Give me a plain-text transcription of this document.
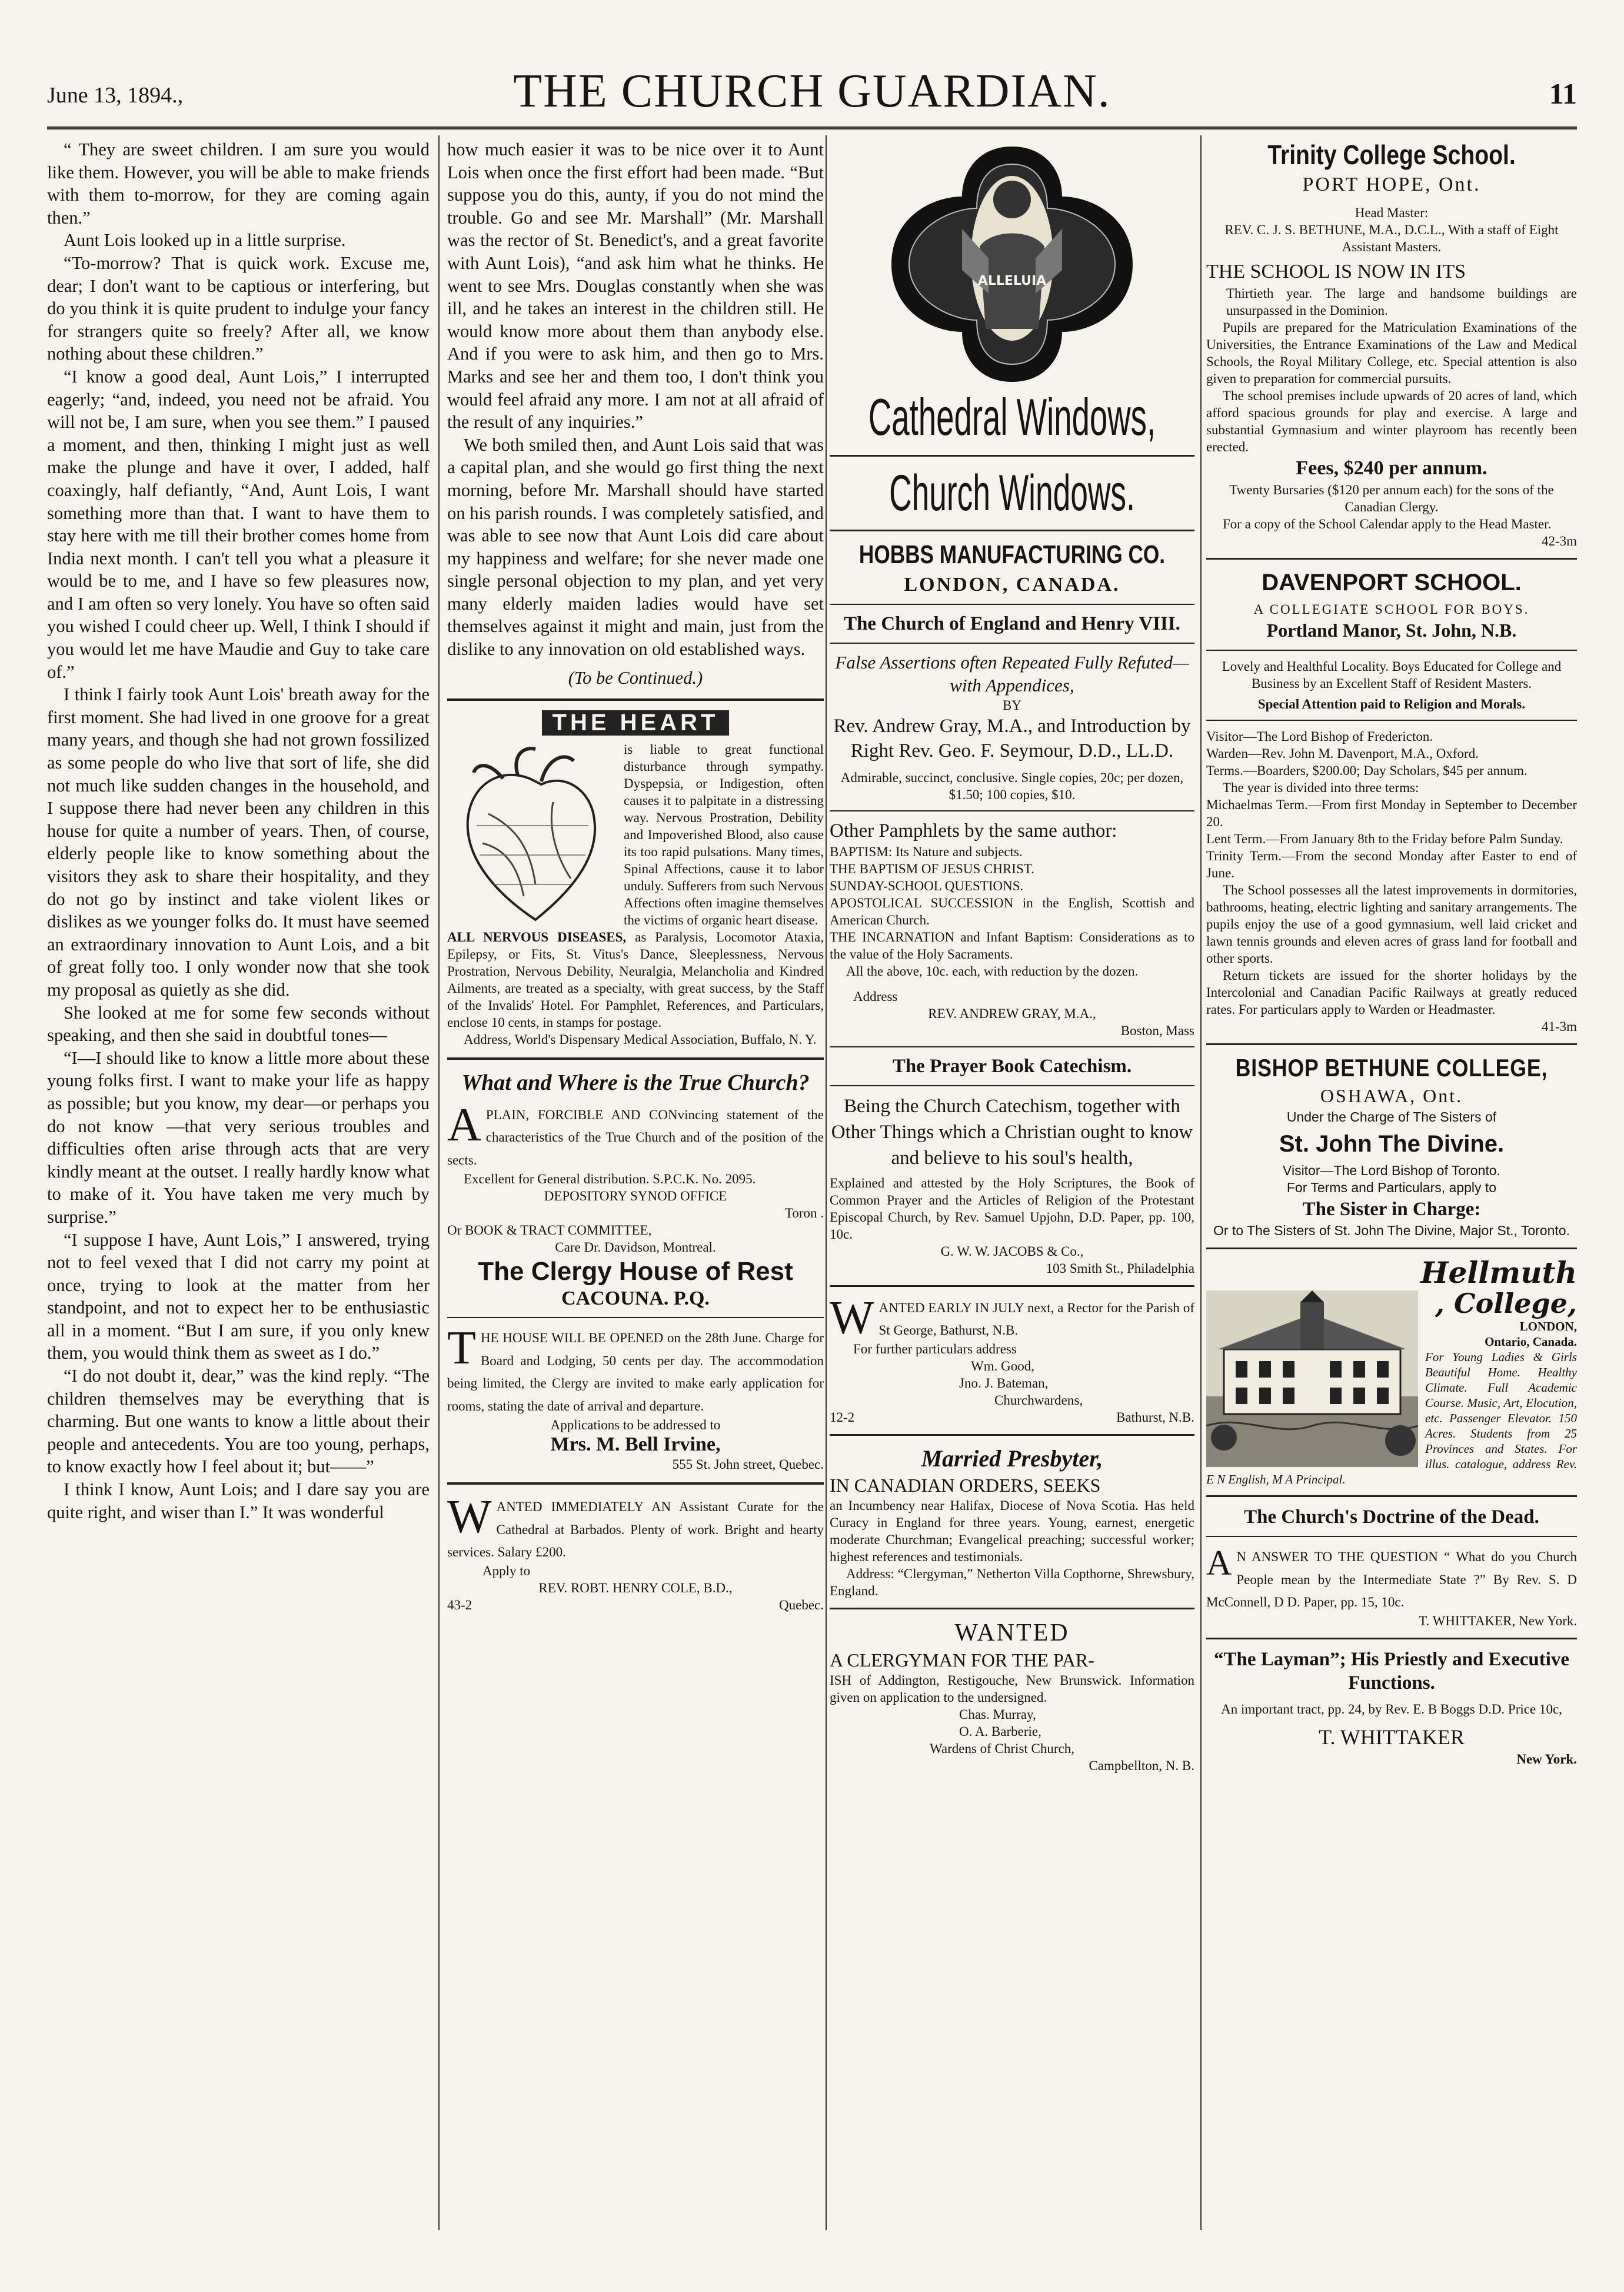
June 13, 1894.,	THE CHURCH GUARDIAN.	11

“ They are sweet children. I am sure you would like them. However, you will be able to make friends with them to-morrow, for they are coming again then.”

Aunt Lois looked up in a little surprise.

“To-morrow? That is quick work. Excuse me, dear; I don't want to be captious or interfering, but do you think it is quite prudent to indulge your fancy for strangers quite so freely? After all, we know nothing about these children.”

“I know a good deal, Aunt Lois,” I interrupted eagerly; “and, indeed, you need not be afraid. You will not be, I am sure, when you see them.” I paused a moment, and then, thinking I might just as well make the plunge and have it over, I added, half coaxingly, half defiantly, “And, Aunt Lois, I want something more than that. I want to have them to stay here with me till their brother comes home from India next month. I can't tell you what a pleasure it would be to me, and I have so few pleasures now, and I am often so very lonely. You have so often said you wished I could cheer up. Well, I think I should if you would let me have Maudie and Guy to take care of.”

I think I fairly took Aunt Lois' breath away for the first moment. She had lived in one groove for a great many years, and though she had not grown fossilized as some people do who live that sort of life, she did not much like sudden changes in the household, and I suppose there had never been any children in this house for quite a number of years. Then, of course, elderly people like to know something about the visitors they ask to share their hospitality, and they do not go by instinct and take violent likes or dislikes as we younger folks do. It must have seemed an extraordinary innovation to Aunt Lois, and a bit of great folly too. I only wonder now that she took my proposal as quietly as she did.

She looked at me for some few seconds without speaking, and then she said in doubtful tones—

“I—I should like to know a little more about these young folks first. I want to make your life as happy as possible; but you know, my dear—or perhaps you do not know —that very serious troubles and difficulties often arise through acts that are very kindly meant at the outset. I really hardly know what to make of it. You have taken me very much by surprise.”

“I suppose I have, Aunt Lois,” I answered, trying not to feel vexed that I did not carry my point at once, trying to look at the matter from her standpoint, and not to expect her to be enthusiastic all in a moment. “But I am sure, if you only knew them, you would think them as sweet as I do.”

“I do not doubt it, dear,” was the kind reply. “The children themselves may be everything that is charming. But one wants to know a little about their people and antecedents. You are too young, perhaps, to know exactly how I feel about it; but——”

I think I know, Aunt Lois; and I dare say you are quite right, and wiser than I.” It was wonderful

how much easier it was to be nice over it to Aunt Lois when once the first effort had been made. “But suppose you do this, aunty, if you do not mind the trouble. Go and see Mr. Marshall” (Mr. Marshall was the rector of St. Benedict's, and a great favorite with Aunt Lois), “and ask him what he thinks. He went to see Mrs. Douglas constantly when she was ill, and he takes an interest in the children still. He would know more about them than anybody else. And if you were to ask him, and then go to Mrs. Marks and see her and them too, I don't think you would feel afraid any more. I am not at all afraid of the result of any inquiries.”

We both smiled then, and Aunt Lois said that was a capital plan, and she would go first thing the next morning, before Mr. Marshall should have started on his parish rounds. I was completely satisfied, and was able to see now that Aunt Lois did care about my happiness and welfare; for she never made one single personal objection to my plan, and yet very many elderly maiden ladies would have set themselves against it might and main, just from the dislike to any innovation on old established ways.

(To be Continued.)
THE HEART
is liable to great functional disturbance through sympathy. Dyspepsia, or Indigestion, often causes it to palpitate in a distressing way. Nervous Prostration, Debility and Impoverished Blood, also cause its too rapid pulsations. Many times, Spinal Affections, cause it to labor unduly. Sufferers from such Nervous Affections often imagine themselves the victims of organic heart disease.
ALL NERVOUS DISEASES, as Paralysis, Locomotor Ataxia, Epilepsy, or Fits, St. Vitus's Dance, Sleeplessness, Nervous Prostration, Nervous Debility, Neuralgia, Melancholia and Kindred Ailments, are treated as a specialty, with great success, by the Staff of the Invalids' Hotel. For Pamphlet, References, and Particulars, enclose 10 cents, in stamps for postage.
Address, World's Dispensary Medical Association, Buffalo, N. Y.
What and Where is the True Church?
APLAIN, FORCIBLE AND CONvincing statement of the characteristics of the True Church and of the position of the sects.
Excellent for General distribution. S.P.C.K. No. 2095.
DEPOSITORY SYNOD OFFICE
Toron .
Or BOOK & TRACT COMMITTEE,
Care Dr. Davidson, Montreal.
The Clergy House of Rest
CACOUNA. P.Q.
THE HOUSE WILL BE OPENED on the 28th June. Charge for Board and Lodging, 50 cents per day. The accommodation being limited, the Clergy are invited to make early application for rooms, stating the date of arrival and departure.
Applications to be addressed to
Mrs. M. Bell Irvine,
555 St. John street, Quebec.
WANTED IMMEDIATELY AN Assistant Curate for the Cathedral at Barbados. Plenty of work. Bright and hearty services. Salary £200.
Apply to
REV. ROBT. HENRY COLE, B.D.,
43-2	Quebec.
ALLELUIA
Cathedral Windows,
Church Windows.
HOBBS MANUFACTURING CO.
LONDON, CANADA.
The Church of England and Henry VIII.
False Assertions often Repeated Fully Refuted—with Appendices,
BY
Rev. Andrew Gray, M.A., and Introduction by Right Rev. Geo. F. Seymour, D.D., LL.D.
Admirable, succinct, conclusive. Single copies, 20c; per dozen, $1.50; 100 copies, $10.
Other Pamphlets by the same author:
BAPTISM: Its Nature and subjects.
THE BAPTISM OF JESUS CHRIST.
SUNDAY-SCHOOL QUESTIONS.
APOSTOLICAL SUCCESSION in the English, Scottish and American Church.
THE INCARNATION and Infant Baptism: Considerations as to the value of the Holy Sacraments.
All the above, 10c. each, with reduction by the dozen.
Address
REV. ANDREW GRAY, M.A.,
Boston, Mass
The Prayer Book Catechism.
Being the Church Catechism, together with Other Things which a Christian ought to know and believe to his soul's health,
Explained and attested by the Holy Scriptures, the Book of Common Prayer and the Articles of Religion of the Protestant Episcopal Church, by Rev. Samuel Upjohn, D.D. Paper, pp. 100, 10c.
G. W. W. JACOBS & Co.,
103 Smith St., Philadelphia
WANTED EARLY IN JULY next, a Rector for the Parish of St George, Bathurst, N.B.
For further particulars address
Wm. Good,
Jno. J. Bateman,
Churchwardens,
12-2	Bathurst, N.B.
Married Presbyter,
IN CANADIAN ORDERS, SEEKS
an Incumbency near Halifax, Diocese of Nova Scotia. Has held Curacy in England for three years. Young, earnest, energetic moderate Churchman; Evangelical preaching; successful worker; highest references and testimonials.
Address: “Clergyman,” Netherton Villa Copthorne, Shrewsbury, England.
WANTED
A CLERGYMAN FOR THE PAR-
ISH of Addington, Restigouche, New Brunswick. Information given on application to the undersigned.
Chas. Murray,
O. A. Barberie,
Wardens of Christ Church,
Campbellton, N. B.
Trinity College School.
PORT HOPE, Ont.
Head Master:
REV. C. J. S. BETHUNE, M.A., D.C.L., With a staff of Eight Assistant Masters.
THE SCHOOL IS NOW IN ITS
Thirtieth year. The large and handsome buildings are unsurpassed in the Dominion.
Pupils are prepared for the Matriculation Examinations of the Universities, the Entrance Examinations of the Law and Medical Schools, the Royal Military College, etc. Special attention is also given to preparation for commercial pursuits.
The school premises include upwards of 20 acres of land, which afford spacious grounds for play and exercise. A large and substantial Gymnasium and winter playroom has recently been erected.
Fees, $240 per annum.
Twenty Bursaries ($120 per annum each) for the sons of the Canadian Clergy.
For a copy of the School Calendar apply to the Head Master.
42-3m
DAVENPORT SCHOOL.
A COLLEGIATE SCHOOL FOR BOYS.
Portland Manor, St. John, N.B.
Lovely and Healthful Locality. Boys Educated for College and Business by an Excellent Staff of Resident Masters.
Special Attention paid to Religion and Morals.
Visitor—The Lord Bishop of Fredericton.
Warden—Rev. John M. Davenport, M.A., Oxford.
Terms.—Boarders, $200.00; Day Scholars, $45 per annum.
The year is divided into three terms:
Michaelmas Term.—From first Monday in September to December 20.
Lent Term.—From January 8th to the Friday before Palm Sunday.
Trinity Term.—From the second Monday after Easter to end of June.
The School possesses all the latest improvements in dormitories, bathrooms, heating, electric lighting and sanitary arrangements. The pupils enjoy the use of a good gymnasium, well laid cricket and lawn tennis grounds and eleven acres of grass land for football and other sports.
Return tickets are issued for the shorter holidays by the Intercolonial and Canadian Pacific Railways at greatly reduced rates. For particulars apply to Warden or Headmaster.
41-3m
BISHOP BETHUNE COLLEGE,
OSHAWA, Ont.
Under the Charge of The Sisters of
St. John The Divine.
Visitor—The Lord Bishop of Toronto.
For Terms and Particulars, apply to
The Sister in Charge:
Or to The Sisters of St. John The Divine, Major St., Toronto.
Hellmuth
, College,
LONDON,
Ontario, Canada.
For Young Ladies & Girls Beautiful Home. Healthy Climate. Full Academic Course. Music, Art, Elocution, etc. Passenger Elevator. 150 Acres. Students from 25 Provinces and States. For illus. catalogue, address Rev. E N English, M A Principal.
The Church's Doctrine of the Dead.
A N ANSWER TO THE QUESTION “ What do you Church People mean by the Intermediate State ?” By Rev. S. D McConnell, D D. Paper, pp. 15, 10c.
T. WHITTAKER, New York.
“The Layman”; His Priestly and Executive Functions.
An important tract, pp. 24, by Rev. E. B Boggs D.D. Price 10c,
T. WHITTAKER
New York.
